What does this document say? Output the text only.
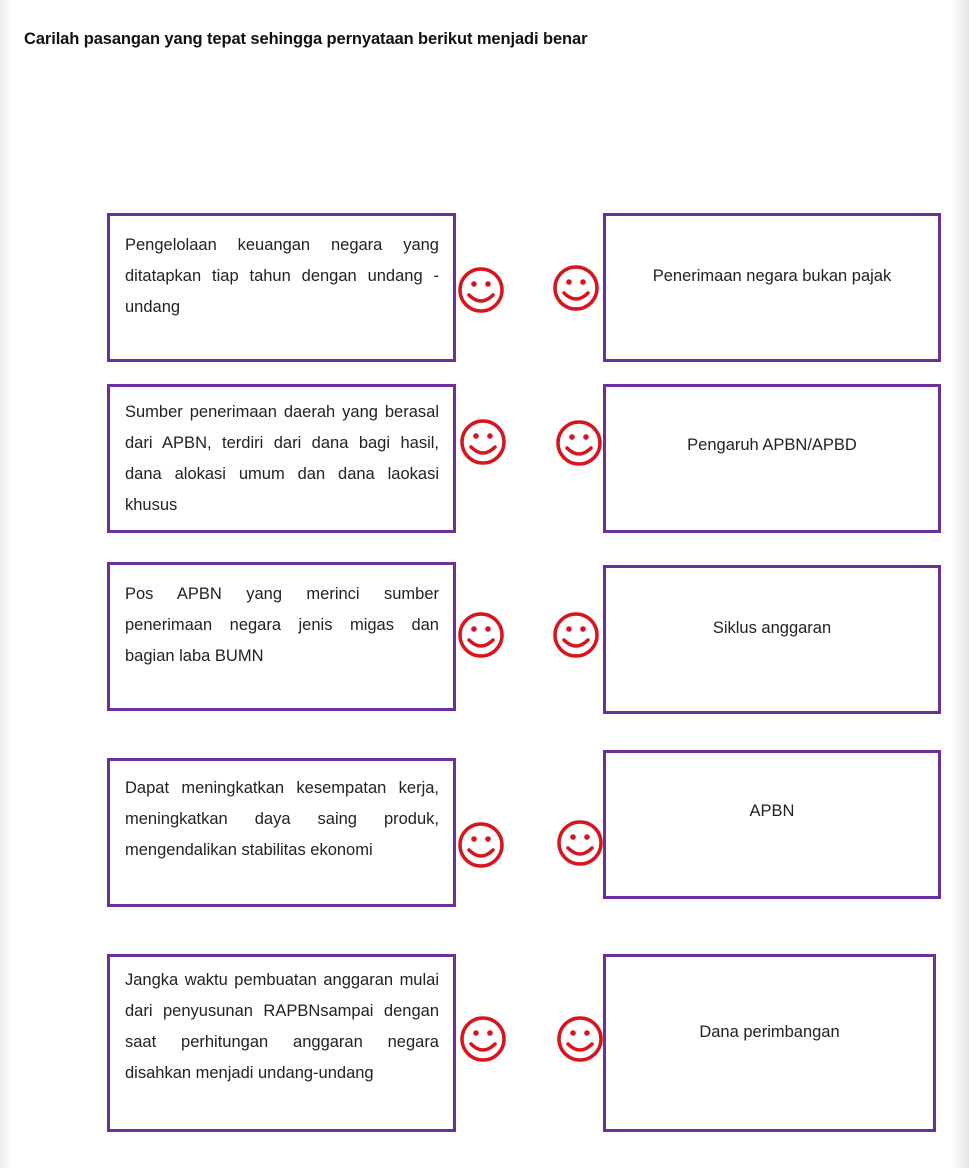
Carilah pasangan yang tepat sehingga pernyataan berikut menjadi benar
Pengelolaan keuangan negara yang ditatapkan tiap tahun dengan undang -undang
Sumber penerimaan daerah yang berasal dari APBN, terdiri dari dana bagi hasil, dana alokasi umum dan dana laokasi khusus
Pos APBN yang merinci sumber penerimaan negara jenis migas dan bagian laba BUMN
Dapat meningkatkan kesempatan kerja, meningkatkan daya saing produk, mengendalikan stabilitas ekonomi
Jangka waktu pembuatan anggaran mulai dari penyusunan RAPBNsampai dengan saat perhitungan anggaran negara disahkan menjadi undang-undang
Penerimaan negara bukan pajak
Pengaruh APBN/APBD
Siklus anggaran
APBN
Dana perimbangan
